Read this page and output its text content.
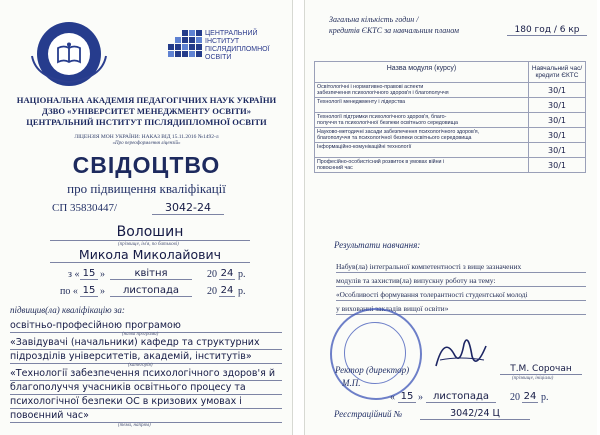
ЦЕНТРАЛЬНИЙ
ІНСТИТУТ
ПІСЛЯДИПЛОМНОЇ
ОСВІТИ
НАЦІОНАЛЬНА АКАДЕМІЯ ПЕДАГОГІЧНИХ НАУК УКРАЇНИ
ДЗВО «УНІВЕРСИТЕТ МЕНЕДЖМЕНТУ ОСВІТИ»
ЦЕНТРАЛЬНИЙ ІНСТИТУТ ПІСЛЯДИПЛОМНОЇ ОСВІТИ
ЛІЦЕНЗІЯ МОН УКРАЇНИ: НАКАЗ ВІД 15.11.2016 №1492-л
«Про переоформлення ліцензій»
СВІДОЦТВО
про підвищення кваліфікації
СП 35830447/	3042-24
Волошин
(прізвище, ім'я, по батькові)
Микола Миколайович
з « 15 »	квітня	20 24 р.
по « 15 »	листопада	20 24 р.
підвищив(ла) кваліфікацію за:
освітньо-професійною програмою
(назва програми)
«Завідувачі (начальники) кафедр та структурних
підрозділів університетів, академій, інститутів»
(категорія)
«Технології забезпечення психологічного здоров'я й
благополуччя учасників освітнього процесу та
психологічної безпеки ОС в кризових умовах і
повоєнний час»
(тема, напрям)
Загальна кількість годин /
кредитів ЄКТС за навчальним планом	180 год / 6 кр
Назва модуля (курсу)	Навчальний час/ кредити ЄКТС

Освітологічні і нормативно-правові аспекти
забезпечення психологічного здоров'я і благополуччя	30/1

Технології менеджменту і лідерства	30/1

Технології підтримки психологічного здоров'я, благо-
получчя та психологічної безпеки освітнього середовища	30/1

Науково-методичні засади забезпечення психологічного здоров'я,
благополуччя та психологічної безпеки освітнього середовища	30/1

Інформаційно-комунікаційні технології	30/1

Професійно-особистісний розвиток в умовах війни і
повоєнний час	30/1
Результати навчання:
Набув(ла) інтегральної компетентності з вище зазначених
модулів та захистив(ла) випускну роботу на тему:
«Особливості формування толерантності студентської молоді
у вихованні закладів вищої освіти»
Ректор (директор)	Т.М. Сорочан
(прізвище, ініціали)
М.П.
« 15 » листопада	20 24 р.
Реєстраційний №	3042/24 Ц
